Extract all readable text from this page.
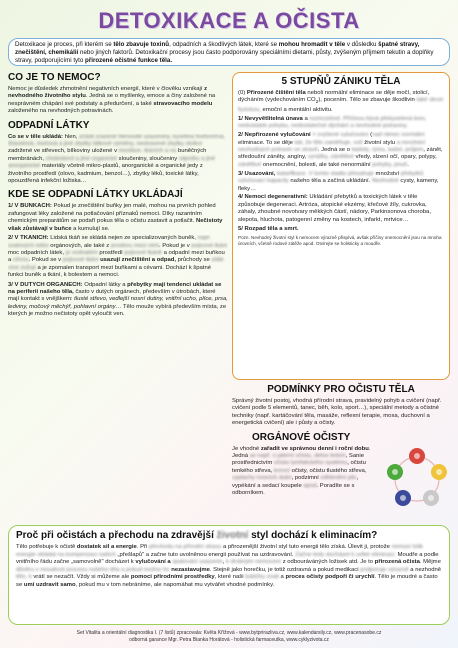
DETOXIKACE A OČISTA
Detoxikace je proces, při kterém se tělo zbavuje toxinů, odpadních a škodlivých látek, které se mohou hromadit v těle v důsledku špatné stravy, znečištění, chemikálií nebo jiných faktorů. Detoxikační procesy jsou často podporovány speciálními dietami, půsty, zvýšeným příjmem tekutin a doplňky stravy, podporujícími tyto přirozené očistné funkce těla.
CO JE TO NEMOC?

Nemoc je důsledek zhmotnění negativních energií, které v člověku vznikají z nevhodného životního stylu. Jedná se o myšlenky, emoce a činy založené na nesprávném chápání své podstaty a předurčení, a také stravovacího modelu založeného na nevhodných potravinách.

ODPADNÍ LÁTKY

Co se v těle ukládá: hlen, zčásti zrazené hlenovité usazeniny, kyselina fosforečná, šťavelová, močová a jiné zbytky látkové výměny, nestravené zbytky stolice zadržené ve střevech, bílkoviny uložené v mezibun. tkáních a na buněčných membránách, cholesterol a jiné organické sloučeniny, sloučeniny vápníku a jiné anorganické materiály včetně mikro-plastů, anorganické a organické jedy z životního prostředí (olovo, kadmium, benzol…), zbytky léků, toxické látky, opouzdřená infekční ložiska…

KDE SE ODPADNÍ LÁTKY UKLÁDAJÍ

1/ V BUŇKÁCH: Pokud je znečištění buňky jen malé, mohou na prvních pohled zafungovat léky založené na potlačování příznaků nemoci. Díky razantním chemickým preparátům se podaří pokus těla o očistu zastavit a potlačit. Nečistoty však zůstávají v buňce a kumulují se.

2/ V TKÁNÍCH: Lidská tkáň se skládá nejen ze specializovaných buněk, např. svalových nebo orgánových, ale také z prostoru mezi nimi. Pokud je v pojivové tkáni moc odpadních látek, je vodnatém prostředí pojivové tkáně a odpadní mezi buňkou a cévou. Pokud se v pojivové tkáni usazují znečištění a odpad, průchody se stále více zužují a je zpomalen transport mezi buňkami a cévami. Dochází k špatné funkci buněk a tkání, k bolestem a nemoci.

3/ V DUTÝCH ORGÁNECH: Odpadní látky a přebytky mají tendenci ukládat se na periferii našeho těla, často v dutých orgánech, především v útrobách, které mají kontakt s vnějškem: tlusté střevo, vedlejší nosní dutiny, vnitřní ucho, plíce, prsa, ledviny, močový měchýř, pohlavní orgány… Tělo mouže vybírá především místa, ze kterých je možno nečistoty opět vyloučit ven.

5 STUPŇŮ ZÁNIKU TĚLA

(0) Přirozené čištění těla neboli normální eliminace se děje močí, stolicí, dýcháním (vydechováním $CO_2$), pocením. Tělo se zbavuje škodlivin také skrze fyzickou, emoční a mentální aktivitu.

1/ Nevyvětlitelná únava a rozmrzelost. Příčinou bývá překyselená krev, nedostatek pohybu, nedostatečné dýchání a nevhodné potraviny.

2/ Nepřirozené vylučování = zvýšené vylučování (nad rámec normální eliminace. To se děje tak, že tělo zaměňuje, volí životní stylu a množství nevhodných potravin ve stravě. Jedná se o teploty, rýmu, kašel, průjem, zánět, středoušní záněty, angíny, vyrážky, zánětlivé vředy, slzení očí, opary, polypy, zánětlivé onemocnění, bolesti, ale také nenormální pohyby, pnutí.

3/ Usazování, katarflkace. V tomto stadiu přesahuje množství přebytků vylučovací kapacity našeho těla a začíná ukládání. Nezhodné cysty, kameny, fleky…

4/ Nemoci degenerativní: Ukládání přebytků a toxických látek v těle způsobuje degeneraci. Artróza, atopické ekzémy, křečové žíly, cukrovka, záhaly, zhoubné novotvary měkkých částí, nádory, Parkinsonova choroba, slepota, hluchota, patogenní změny na kostech, infarkt, mrtvice…

5/ Rozpad těla a smrt.

Pozn. Nevhodný životní styl k nemocem výrazně přispívá, avšak příčiny onemocnění jsou na mnoha úrovních, včetně rodové zátěže apod. Otvírejte se holisticky a moudře.

PODMÍNKY PRO OČISTU TĚLA

Správný životní postoj, vhodná přírodní strava, pravidelný pohyb a cvičení (např. cvičení podle 5 elementů, tanec, běh, kolo, sport…), speciální metody a očistné techniky (např. kartáčování těla, masáže, reflexní terapie, moxa, duchovní a energetická cvičení) ale i půsty a očisty.

ORGÁNOVÉ OČISTY

Je vhodné zařadit ve správnou denní i roční dobu. Jedná se např. o jaterní očistu, detox ledvin, Sanie prostřednictvím očistu lymfatického systému, očistu tenkého střeva, krevní očisty, očistu tlustého střeva, vyplachy nosních dutin, podzimní odhlenění plic, vypékání a sedací koupele apod. Poradíte se s odborníkem.

Proč při očistách a přechodu na zdravější životní styl dochází k eliminacím?

Tělo potřebuje k očistě dostatek sil a energie. Při přechodu na přírodní stravu a přirozenější životní styl tuto energii tělo získá. Úlevit ji, protože nemusí tolik energie vkládat na kompenzaci našich „přešlapů" a začne tuto uvolněnou energii používat na uzdravování. Začne tedy docházet k velké eliminaci. Moudře a podle vnitřního řádu začne „samovolně" docházet k vylučování a spalování usazenin, k drobným nemocem z odbouráváných ložisek atd. Je to přirozená očista. Mějme důvěru v moudrost procesu našeho těla a pokud možno ho nezastavujme. Stejně jako horečku, je totiž ozdravná a pokud medikaci podporuje výrazně a nezhodně tělo, k vrátí se nezačít. Vždy si můžeme ale pomoci přírodními prostředky, které naši babičky znali a proces očisty podpoří či urychlí. Tělo je moudré a často se umí uzdravit samo, pokud mu v tom nebráníme, ale napomáhat mu vytvářet vhodné podmínky.

Set Vitalita a orientální diagnostika I. (7 listů) zpracovala: Květa Křížová - www.bytprirazliva.cz, www.kalendarsily.cz, www.pracenasobe.cz
odborná garance Mgr. Petra Bianka Horátová - holistická farmaceutka, www.cyklyzivota.cz
